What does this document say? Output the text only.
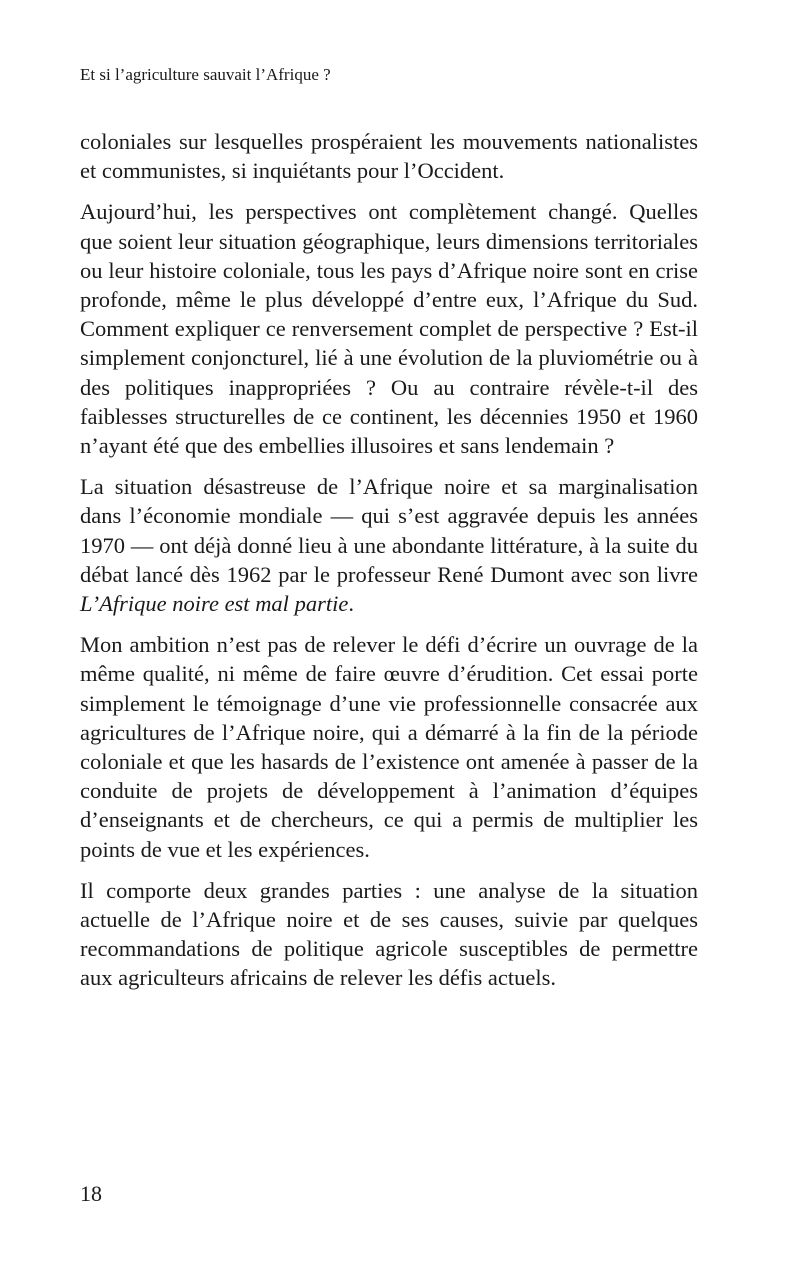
Et si l’agriculture sauvait l’Afrique ?

coloniales sur lesquelles prospéraient les mouvements nationalistes et communistes, si inquiétants pour l’Occident.

Aujourd’hui, les perspectives ont complètement changé. Quelles que soient leur situation géographique, leurs dimensions territoriales ou leur histoire coloniale, tous les pays d’Afrique noire sont en crise profonde, même le plus développé d’entre eux, l’Afrique du Sud. Comment expliquer ce renversement complet de perspective ? Est-il simplement conjoncturel, lié à une évolution de la pluviométrie ou à des politiques inappropriées ? Ou au contraire révèle-t-il des faiblesses structurelles de ce continent, les décennies 1950 et 1960 n’ayant été que des embellies illusoires et sans lendemain ?

La situation désastreuse de l’Afrique noire et sa marginalisation dans l’économie mondiale — qui s’est aggravée depuis les années 1970 — ont déjà donné lieu à une abondante littérature, à la suite du débat lancé dès 1962 par le professeur René Dumont avec son livre L’Afrique noire est mal partie.

Mon ambition n’est pas de relever le défi d’écrire un ouvrage de la même qualité, ni même de faire œuvre d’érudition. Cet essai porte simplement le témoignage d’une vie professionnelle consacrée aux agricultures de l’Afrique noire, qui a démarré à la fin de la période coloniale et que les hasards de l’existence ont amenée à passer de la conduite de projets de développement à l’animation d’équipes d’enseignants et de chercheurs, ce qui a permis de multiplier les points de vue et les expériences.

Il comporte deux grandes parties : une analyse de la situation actuelle de l’Afrique noire et de ses causes, suivie par quelques recommandations de politique agricole susceptibles de permettre aux agriculteurs africains de relever les défis actuels.

18
